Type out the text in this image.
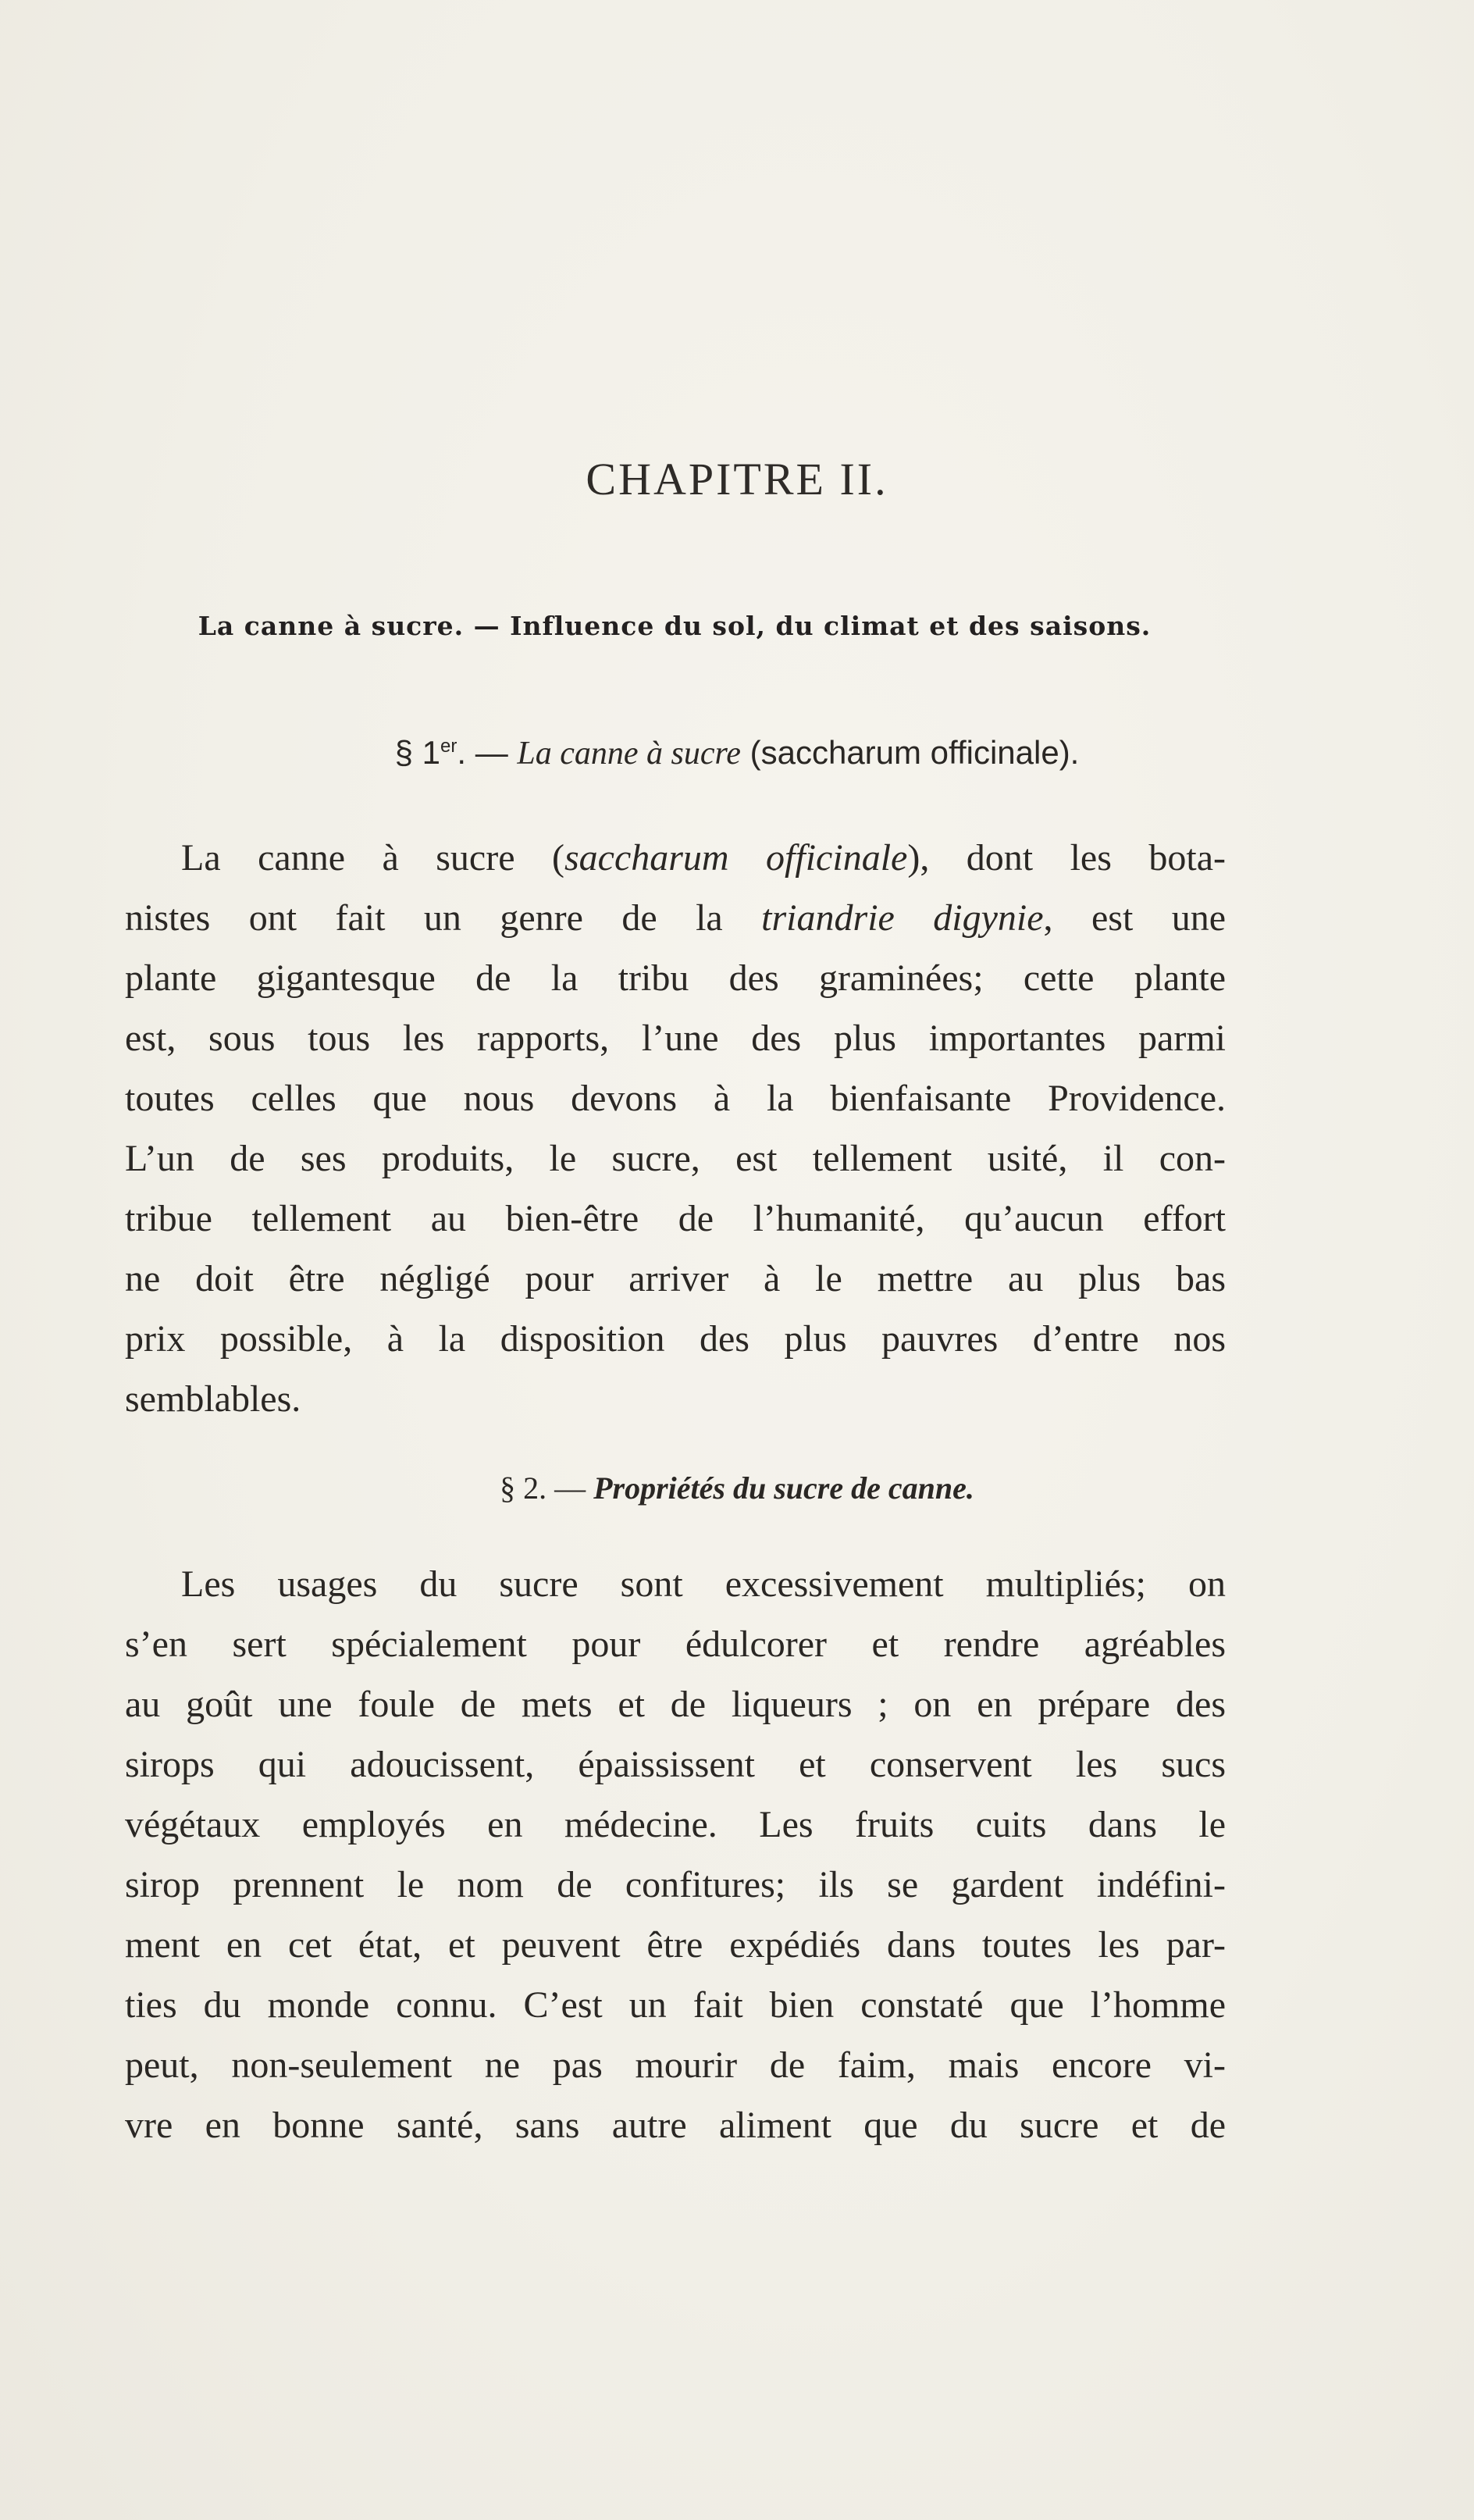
CHAPITRE II.

La canne à sucre. — Influence du sol, du climat et des saisons.

§ 1er. — La canne à sucre (saccharum officinale).

La canne à sucre (saccharum officinale), dont les bota-
nistes ont fait un genre de la triandrie digynie, est une
plante gigantesque de la tribu des graminées; cette plante
est, sous tous les rapports, l’une des plus importantes parmi
toutes celles que nous devons à la bienfaisante Providence.
L’un de ses produits, le sucre, est tellement usité, il con-
tribue tellement au bien-être de l’humanité, qu’aucun effort
ne doit être négligé pour arriver à le mettre au plus bas
prix possible, à la disposition des plus pauvres d’entre nos
semblables.

§ 2. — Propriétés du sucre de canne.

Les usages du sucre sont excessivement multipliés; on
s’en sert spécialement pour édulcorer et rendre agréables
au goût une foule de mets et de liqueurs ; on en prépare des
sirops qui adoucissent, épaississent et conservent les sucs
végétaux employés en médecine. Les fruits cuits dans le
sirop prennent le nom de confitures; ils se gardent indéfini-
ment en cet état, et peuvent être expédiés dans toutes les par-
ties du monde connu. C’est un fait bien constaté que l’homme
peut, non-seulement ne pas mourir de faim, mais encore vi-
vre en bonne santé, sans autre aliment que du sucre et de
